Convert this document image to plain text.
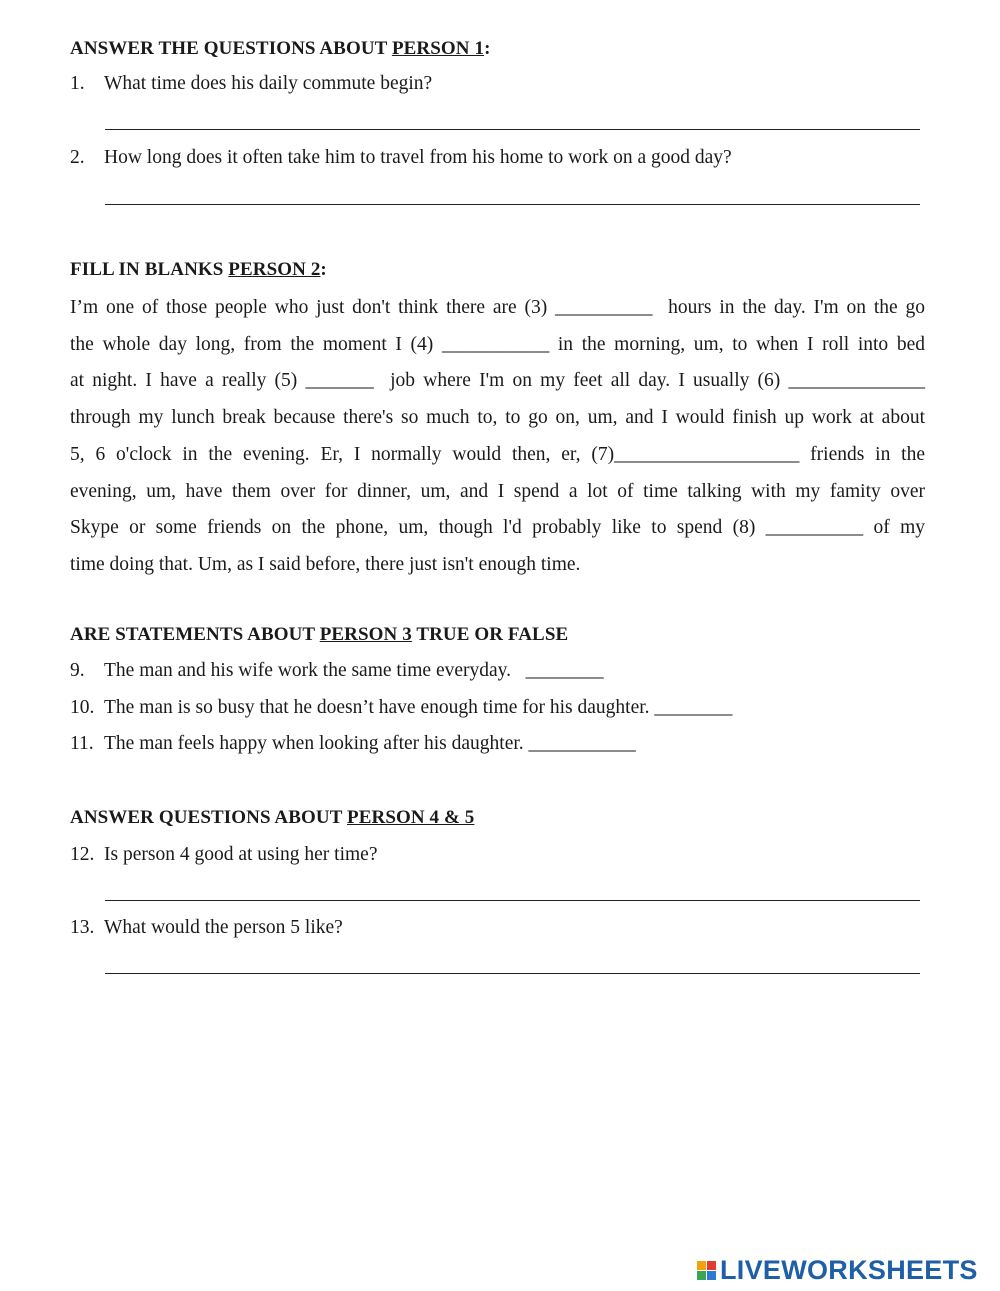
ANSWER THE QUESTIONS ABOUT PERSON 1:
1. What time does his daily commute begin?
2. How long does it often take him to travel from his home to work on a good day?
FILL IN BLANKS PERSON 2:
I’m one of those people who just don't think there are (3) __________  hours in the day. I'm on the go
the whole day long, from the moment I (4) ___________ in the morning, um, to when I roll into bed
at night. I have a really (5) _______  job where I'm on my feet all day. I usually (6) ______________
through my lunch break because there's so much to, to go on, um, and I would finish up work at about
5, 6 o'clock in the evening. Er, I normally would then, er, (7)___________________ friends in the
evening, um, have them over for dinner, um, and I spend a lot of time talking with my famity over
Skype or some friends on the phone, um, though l'd probably like to spend (8) __________ of my
time doing that. Um, as I said before, there just isn't enough time.
ARE STATEMENTS ABOUT PERSON 3 TRUE OR FALSE
9. The man and his wife work the same time everyday.   ________
10. The man is so busy that he doesn’t have enough time for his daughter. ________
11. The man feels happy when looking after his daughter. ___________
ANSWER QUESTIONS ABOUT PERSON 4 & 5
12. Is person 4 good at using her time?
13. What would the person 5 like?
LIVEWORKSHEETS
